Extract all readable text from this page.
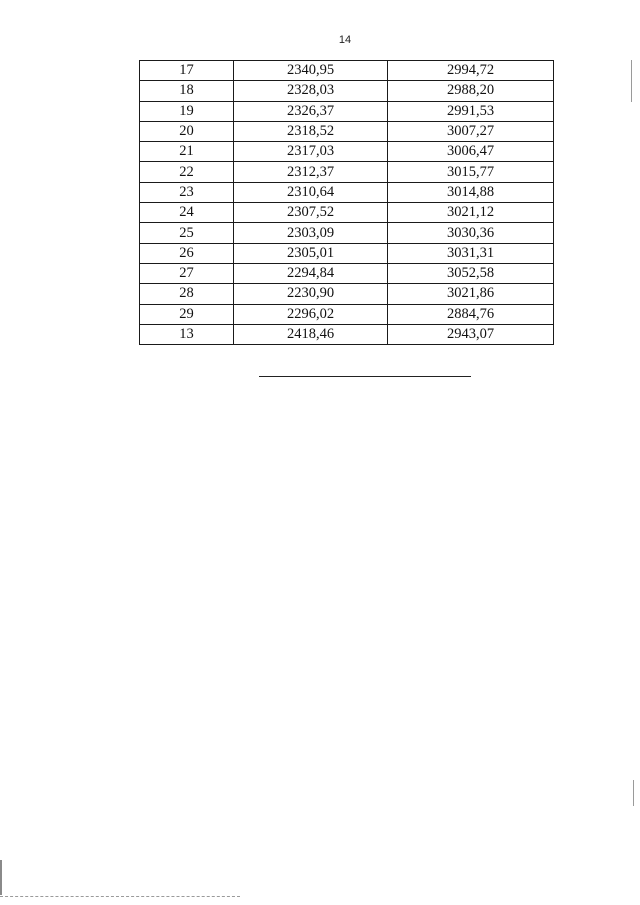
14
17	2340,95	2994,72
18	2328,03	2988,20
19	2326,37	2991,53
20	2318,52	3007,27
21	2317,03	3006,47
22	2312,37	3015,77
23	2310,64	3014,88
24	2307,52	3021,12
25	2303,09	3030,36
26	2305,01	3031,31
27	2294,84	3052,58
28	2230,90	3021,86
29	2296,02	2884,76
13	2418,46	2943,07
